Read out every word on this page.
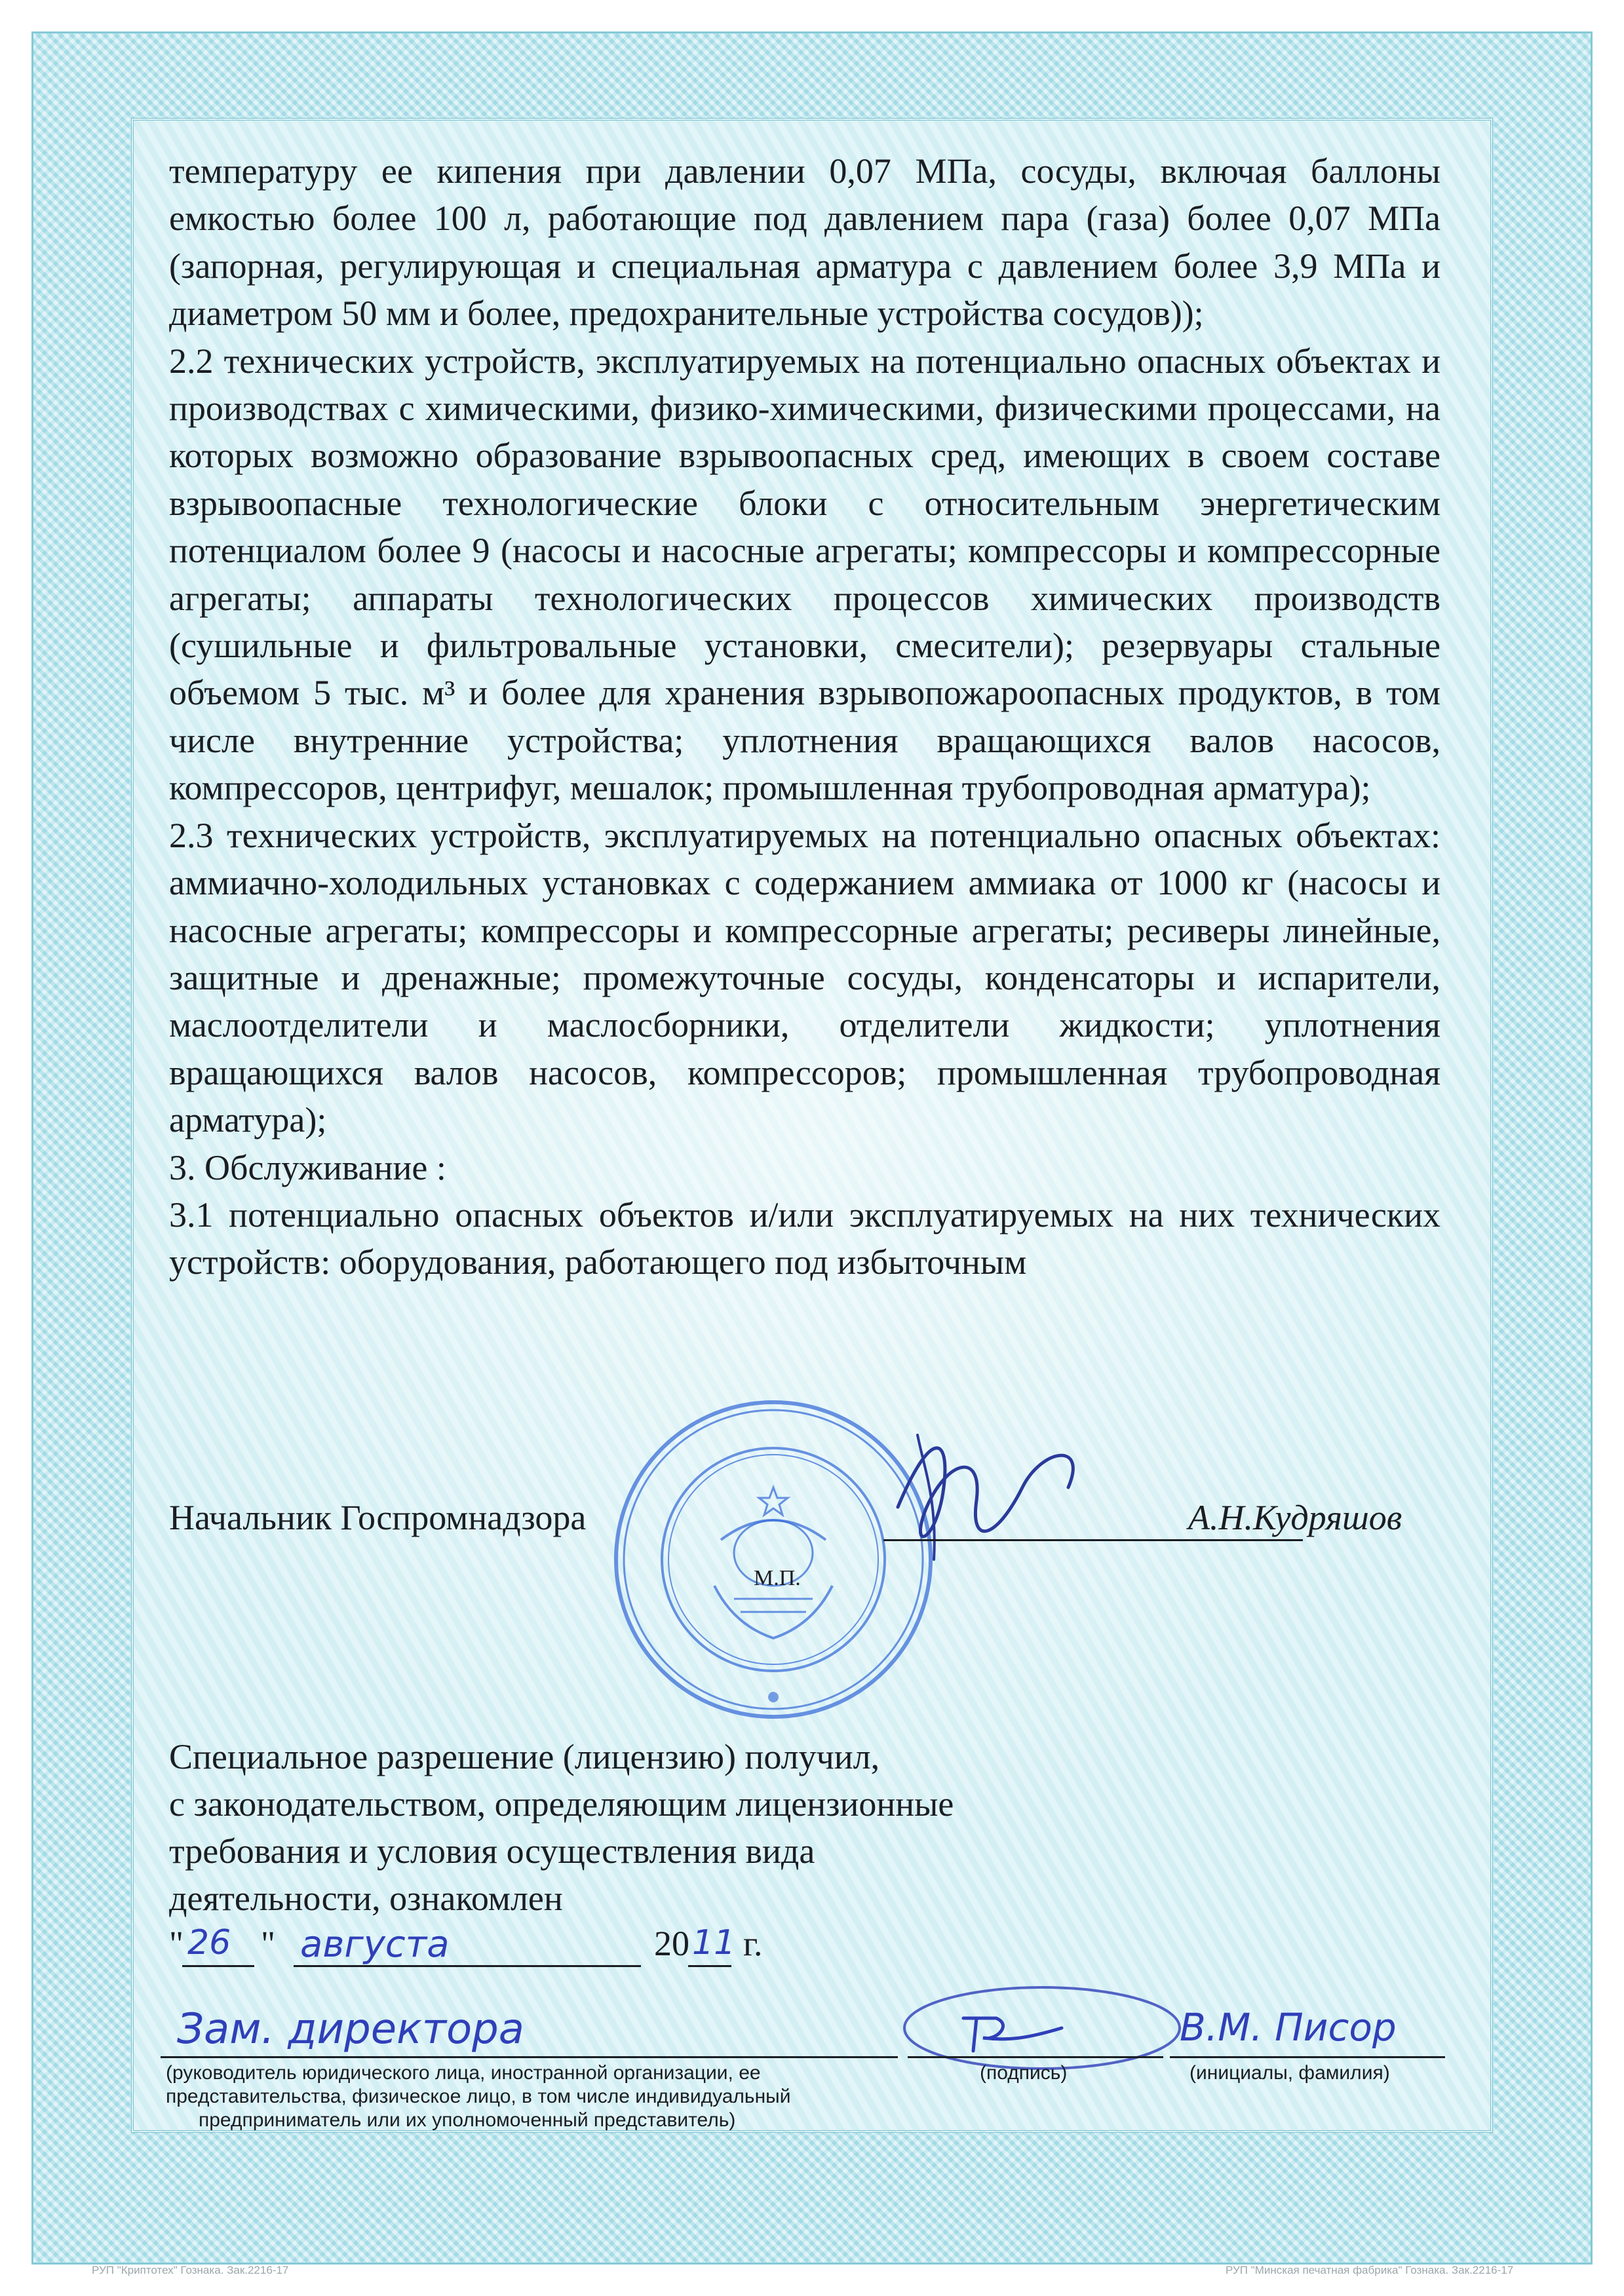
температуру ее кипения при давлении 0,07 МПа, сосуды, включая баллоны емкостью более 100 л, работающие под давлением пара (газа) более 0,07 МПа (запорная, регулирующая и специальная арматура с давлением более 3,9 МПа и диаметром 50 мм и более, предохранительные устройства сосудов));

2.2 технических устройств, эксплуатируемых на потенциально опасных объектах и производствах с химическими, физико-химическими, физическими процессами, на которых возможно образование взрывоопасных сред, имеющих в своем составе взрывоопасные технологические блоки с относительным энергетическим потенциалом более 9 (насосы и насосные агрегаты; компрессоры и компрессорные агрегаты; аппараты технологических процессов химических производств (сушильные и фильтровальные установки, смесители); резервуары стальные объемом 5 тыс. м³ и более для хранения взрывопожароопасных продуктов, в том числе внутренние устройства; уплотнения вращающихся валов насосов, компрессоров, центрифуг, мешалок; промышленная трубопроводная арматура);

2.3 технических устройств, эксплуатируемых на потенциально опасных объектах: аммиачно-холодильных установках с содержанием аммиака от 1000 кг (насосы и насосные агрегаты; компрессоры и компрессорные агрегаты; ресиверы линейные, защитные и дренажные; промежуточные сосуды, конденсаторы и испарители, маслоотделители и маслосборники, отделители жидкости; уплотнения вращающихся валов насосов, компрессоров; промышленная трубопроводная арматура);

3. Обслуживание :

3.1 потенциально опасных объектов и/или эксплуатируемых на них технических устройств: оборудования, работающего под избыточным

Начальник Госпромнадзора	А.Н.Кудряшов
М.П.

Специальное разрешение (лицензию) получил,

с законодательством, определяющим лицензионные

требования и условия осуществления вида

деятельности, ознакомлен

" 26 " августа	20 11 г.
Зам. директора	В.М. Писор
(руководитель юридического лица, иностранной организации, ее
представительства, физическое лицо, в том числе индивидуальный
предприниматель или их уполномоченный представитель)
(подпись)	(инициалы, фамилия)
РУП "Криптотех" Гознака. Зак.2216-17	РУП "Минская печатная фабрика" Гознака. Зак.2216-17
